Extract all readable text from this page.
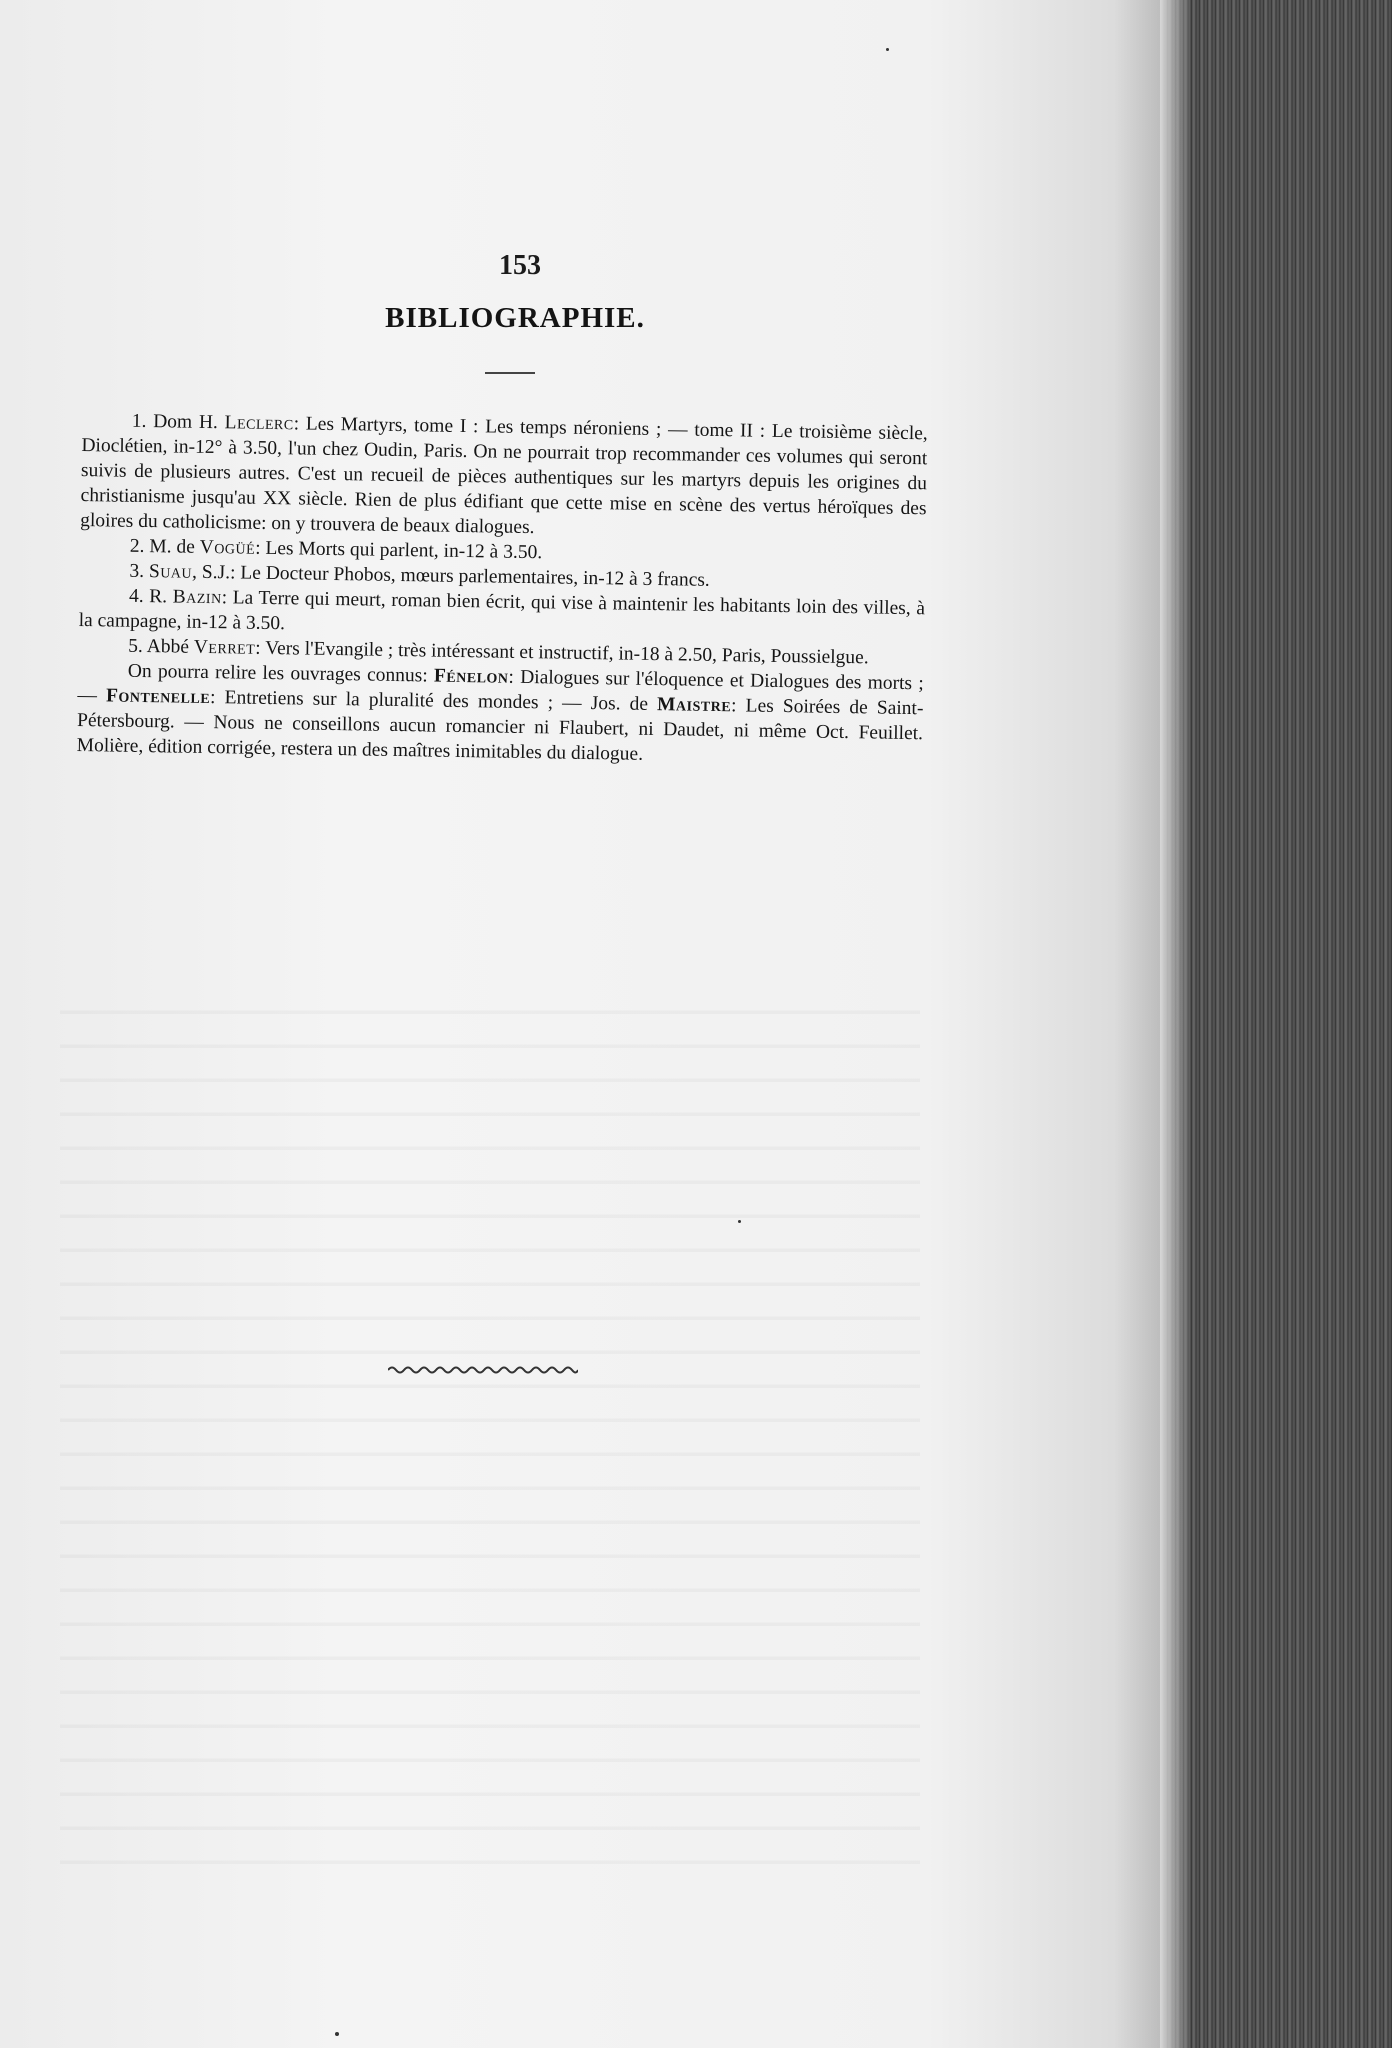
153
BIBLIOGRAPHIE.

1. Dom H. Leclerc: Les Martyrs, tome I : Les temps néroniens ; — tome II : Le troisième siècle, Dioclétien, in-12° à 3.50, l'un chez Oudin, Paris. On ne pourrait trop recommander ces volumes qui seront suivis de plusieurs autres. C'est un recueil de pièces authentiques sur les martyrs depuis les origines du christianisme jusqu'au XX siècle. Rien de plus édifiant que cette mise en scène des vertus héroïques des gloires du catholicisme: on y trouvera de beaux dialogues.

2. M. de Vogüé: Les Morts qui parlent, in-12 à 3.50.

3. Suau, S.J.: Le Docteur Phobos, mœurs parlementaires, in-12 à 3 francs.

4. R. Bazin: La Terre qui meurt, roman bien écrit, qui vise à maintenir les habitants loin des villes, à la campagne, in-12 à 3.50.

5. Abbé Verret: Vers l'Evangile ; très intéressant et instructif, in-18 à 2.50, Paris, Poussielgue.

On pourra relire les ouvrages connus: Fénelon: Dialogues sur l'éloquence et Dialogues des morts ; — Fontenelle: Entretiens sur la pluralité des mondes ; — Jos. de Maistre: Les Soirées de Saint-Pétersbourg. — Nous ne conseillons aucun romancier ni Flaubert, ni Daudet, ni même Oct. Feuillet. Molière, édition corrigée, restera un des maîtres inimitables du dialogue.
